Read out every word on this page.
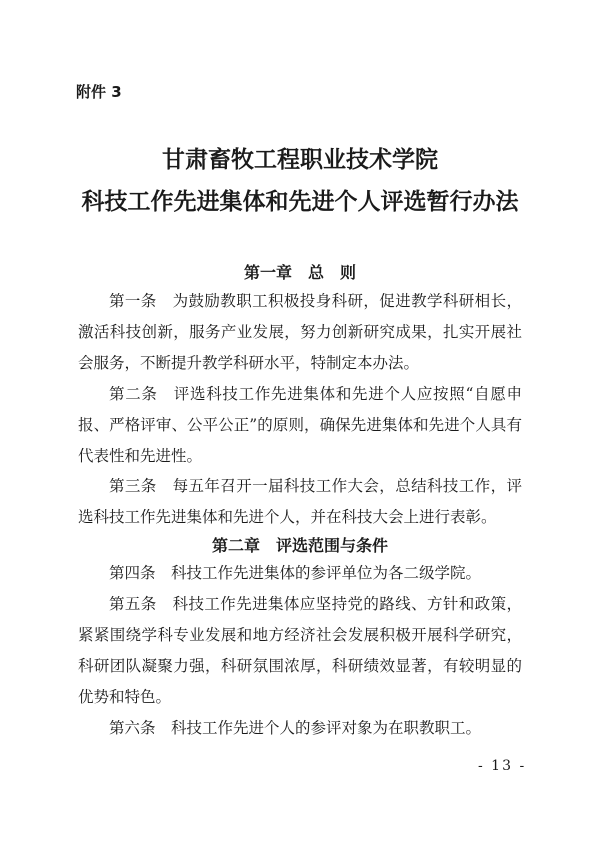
附件 3
甘肃畜牧工程职业技术学院
科技工作先进集体和先进个人评选暂行办法
第一章　总　则

第一条　为鼓励教职工积极投身科研，促进教学科研相长，激活科技创新，服务产业发展，努力创新研究成果，扎实开展社会服务，不断提升教学科研水平，特制定本办法。

第二条　评选科技工作先进集体和先进个人应按照“自愿申报、严格评审、公平公正”的原则，确保先进集体和先进个人具有代表性和先进性。

第三条　每五年召开一届科技工作大会，总结科技工作，评选科技工作先进集体和先进个人，并在科技大会上进行表彰。

第二章　评选范围与条件

第四条　科技工作先进集体的参评单位为各二级学院。

第五条　科技工作先进集体应坚持党的路线、方针和政策，紧紧围绕学科专业发展和地方经济社会发展积极开展科学研究，科研团队凝聚力强，科研氛围浓厚，科研绩效显著，有较明显的优势和特色。

第六条　科技工作先进个人的参评对象为在职教职工。

- 13 -
